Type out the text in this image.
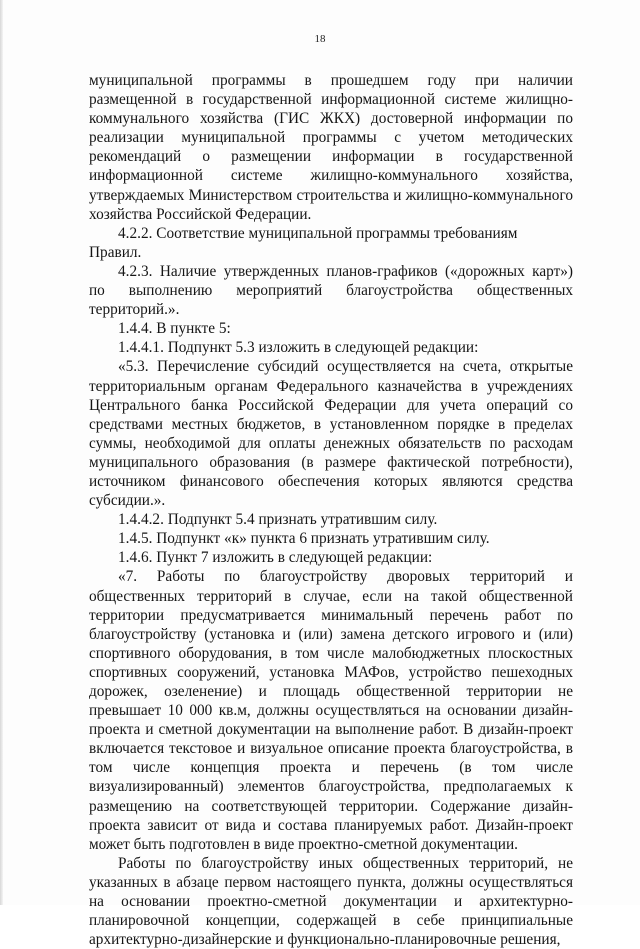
18

муниципальной программы в прошедшем году при наличии размещенной в государственной информационной системе жилищно-коммунального хозяйства (ГИС ЖКХ) достоверной информации по реализации муниципальной программы с учетом методических рекомендаций о размещении информации в государственной информационной системе жилищно-коммунального хозяйства, утверждаемых Министерством строительства и жилищно-коммунального хозяйства Российской Федерации.

4.2.2. Соответствие муниципальной программы требованиям Правил.

4.2.3. Наличие утвержденных планов-графиков («дорожных карт») по выполнению мероприятий благоустройства общественных территорий.».

1.4.4. В пункте 5:

1.4.4.1. Подпункт 5.3 изложить в следующей редакции:

«5.3. Перечисление субсидий осуществляется на счета, открытые территориальным органам Федерального казначейства в учреждениях Центрального банка Российской Федерации для учета операций со средствами местных бюджетов, в установленном порядке в пределах суммы, необходимой для оплаты денежных обязательств по расходам муниципального образования (в размере фактической потребности), источником финансового обеспечения которых являются средства субсидии.».

1.4.4.2. Подпункт 5.4 признать утратившим силу.

1.4.5. Подпункт «к» пункта 6 признать утратившим силу.

1.4.6. Пункт 7 изложить в следующей редакции:

«7. Работы по благоустройству дворовых территорий и общественных территорий в случае, если на такой общественной территории предусматривается минимальный перечень работ по благоустройству (установка и (или) замена детского игрового и (или) спортивного оборудования, в том числе малобюджетных плоскостных спортивных сооружений, установка МАФов, устройство пешеходных дорожек, озеленение) и площадь общественной территории не превышает 10 000 кв.м, должны осуществляться на основании дизайн-проекта и сметной документации на выполнение работ. В дизайн-проект включается текстовое и визуальное описание проекта благоустройства, в том числе концепция проекта и перечень (в том числе визуализированный) элементов благоустройства, предполагаемых к размещению на соответствующей территории. Содержание дизайн-проекта зависит от вида и состава планируемых работ. Дизайн-проект может быть подготовлен в виде проектно-сметной документации.

Работы по благоустройству иных общественных территорий, не указанных в абзаце первом настоящего пункта, должны осуществляться на основании проектно-сметной документации и архитектурно-планировочной концепции, содержащей в себе принципиальные архитектурно-дизайнерские и функционально-планировочные решения,
